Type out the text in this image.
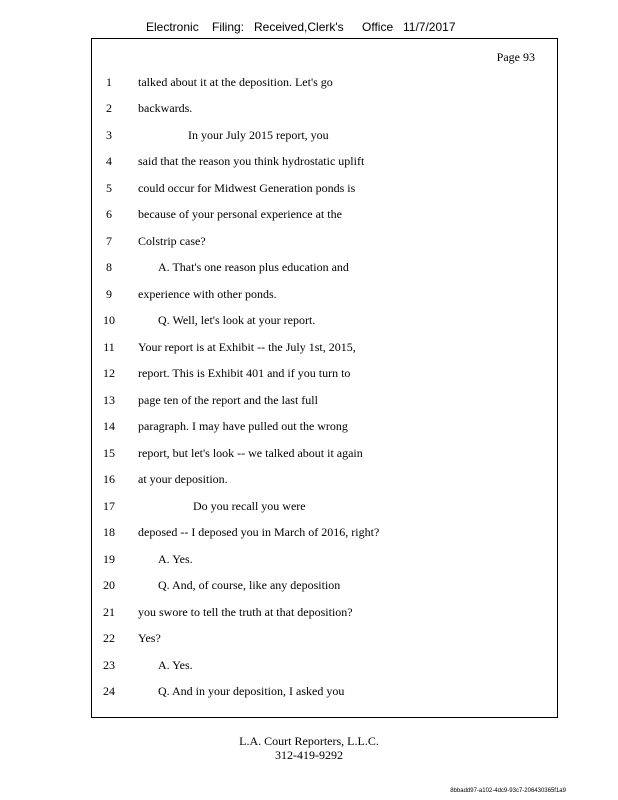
Electronic Filing: Received,Clerk's Office 11/7/2017
Page 93
1	talked about it at the deposition. Let's go
2	backwards.
3	In your July 2015 report, you
4	said that the reason you think hydrostatic uplift
5	could occur for Midwest Generation ponds is
6	because of your personal experience at the
7	Colstrip case?
8	A. That's one reason plus education and
9	experience with other ponds.
10	Q. Well, let's look at your report.
11 Your report is at Exhibit -- the July 1st, 2015,
12 report. This is Exhibit 401 and if you turn to
13 page ten of the report and the last full
14 paragraph. I may have pulled out the wrong
15 report, but let's look -- we talked about it again
16 at your deposition.
17	Do you recall you were
18 deposed -- I deposed you in March of 2016, right?
19	A. Yes.
20	Q. And, of course, like any deposition
21 you swore to tell the truth at that deposition?
22 Yes?
23	A. Yes.
24	Q. And in your deposition, I asked you
L.A. Court Reporters, L.L.C.
312-419-9292
8bbadd97-a102-4dc9-93c7-206430365f1a9
